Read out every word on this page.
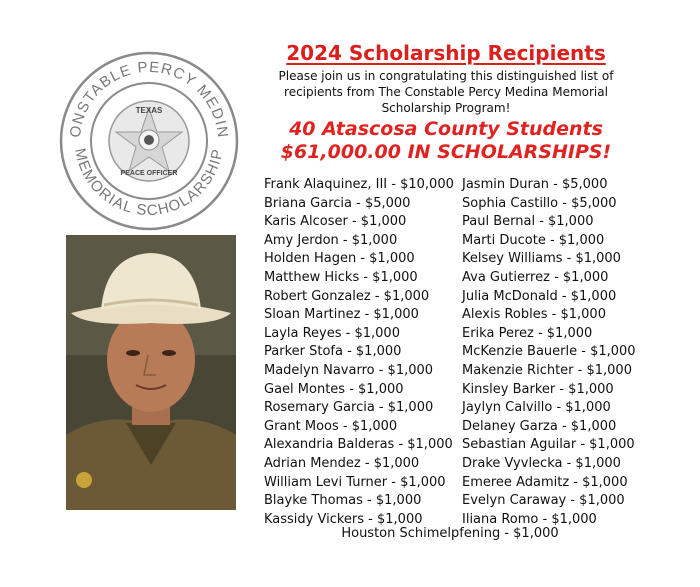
ONSTABLE PERCY MEDIN
MEMORIAL SCHOLARSHIP
TEXAS
PEACE OFFICER
2024 Scholarship Recipients

Please join us in congratulating this distinguished list of recipients from The Constable Percy Medina Memorial Scholarship Program!

40 Atascosa County Students

$61,000.00 IN SCHOLARSHIPS!

Frank Alaquinez, III - $10,000 Jasmin Duran - $5,000
Briana Garcia - $5,000	Sophia Castillo - $5,000
Karis Alcoser - $1,000	Paul Bernal - $1,000
Amy Jerdon - $1,000	Marti Ducote - $1,000
Holden Hagen - $1,000	Kelsey Williams - $1,000
Matthew Hicks - $1,000	Ava Gutierrez - $1,000
Robert Gonzalez - $1,000	Julia McDonald - $1,000
Sloan Martinez - $1,000	Alexis Robles - $1,000
Layla Reyes - $1,000	Erika Perez - $1,000
Parker Stofa - $1,000	McKenzie Bauerle - $1,000
Madelyn Navarro - $1,000	Makenzie Richter - $1,000
Gael Montes - $1,000	Kinsley Barker - $1,000
Rosemary Garcia - $1,000	Jaylyn Calvillo - $1,000
Grant Moos - $1,000	Delaney Garza - $1,000
Alexandria Balderas - $1,000 Sebastian Aguilar - $1,000
Adrian Mendez - $1,000	Drake Vyvlecka - $1,000
William Levi Turner - $1,000	Emeree Adamitz - $1,000
Blayke Thomas - $1,000	Evelyn Caraway - $1,000
Kassidy Vickers - $1,000	Iliana Romo - $1,000
Houston Schimelpfening - $1,000
